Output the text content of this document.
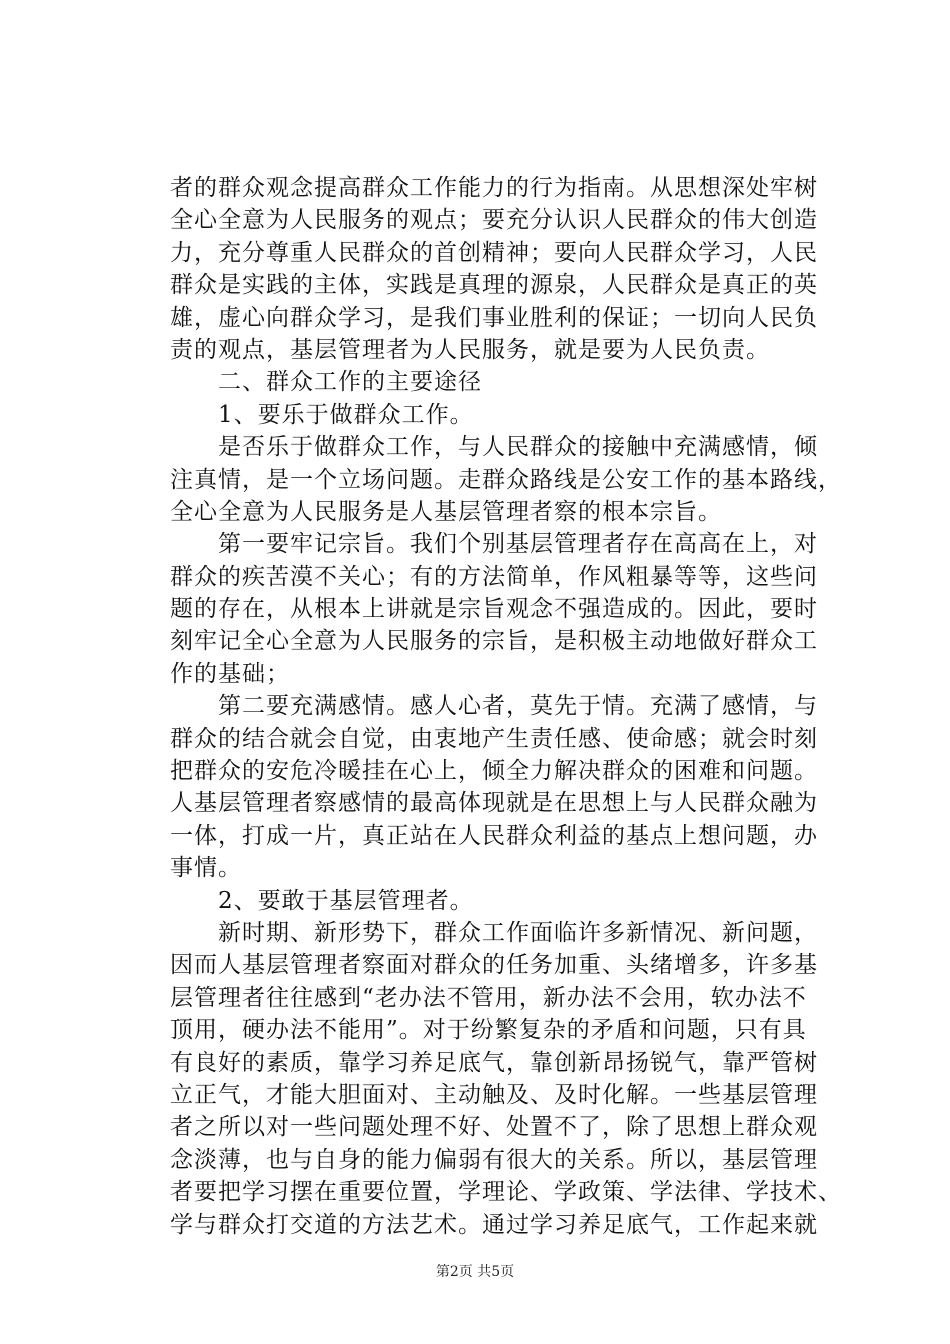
者的群众观念提高群众工作能力的行为指南。从思想深处牢树
全心全意为人民服务的观点；要充分认识人民群众的伟大创造
力，充分尊重人民群众的首创精神；要向人民群众学习，人民
群众是实践的主体，实践是真理的源泉，人民群众是真正的英
雄，虚心向群众学习，是我们事业胜利的保证；一切向人民负
责的观点，基层管理者为人民服务，就是要为人民负责。
　　二、群众工作的主要途径
　　1、要乐于做群众工作。
　　是否乐于做群众工作，与人民群众的接触中充满感情，倾
注真情，是一个立场问题。走群众路线是公安工作的基本路线，
全心全意为人民服务是人基层管理者察的根本宗旨。
　　第一要牢记宗旨。我们个别基层管理者存在高高在上，对
群众的疾苦漠不关心；有的方法简单，作风粗暴等等，这些问
题的存在，从根本上讲就是宗旨观念不强造成的。因此，要时
刻牢记全心全意为人民服务的宗旨，是积极主动地做好群众工
作的基础；
　　第二要充满感情。感人心者，莫先于情。充满了感情，与
群众的结合就会自觉，由衷地产生责任感、使命感；就会时刻
把群众的安危冷暖挂在心上，倾全力解决群众的困难和问题。
人基层管理者察感情的最高体现就是在思想上与人民群众融为
一体，打成一片，真正站在人民群众利益的基点上想问题，办
事情。
　　2、要敢于基层管理者。
　　新时期、新形势下，群众工作面临许多新情况、新问题，
因而人基层管理者察面对群众的任务加重、头绪增多，许多基
层管理者往往感到“老办法不管用，新办法不会用，软办法不
顶用，硬办法不能用”。对于纷繁复杂的矛盾和问题，只有具
有良好的素质，靠学习养足底气，靠创新昂扬锐气，靠严管树
立正气，才能大胆面对、主动触及、及时化解。一些基层管理
者之所以对一些问题处理不好、处置不了，除了思想上群众观
念淡薄，也与自身的能力偏弱有很大的关系。所以，基层管理
者要把学习摆在重要位置，学理论、学政策、学法律、学技术、
学与群众打交道的方法艺术。通过学习养足底气，工作起来就
第2页 共5页
